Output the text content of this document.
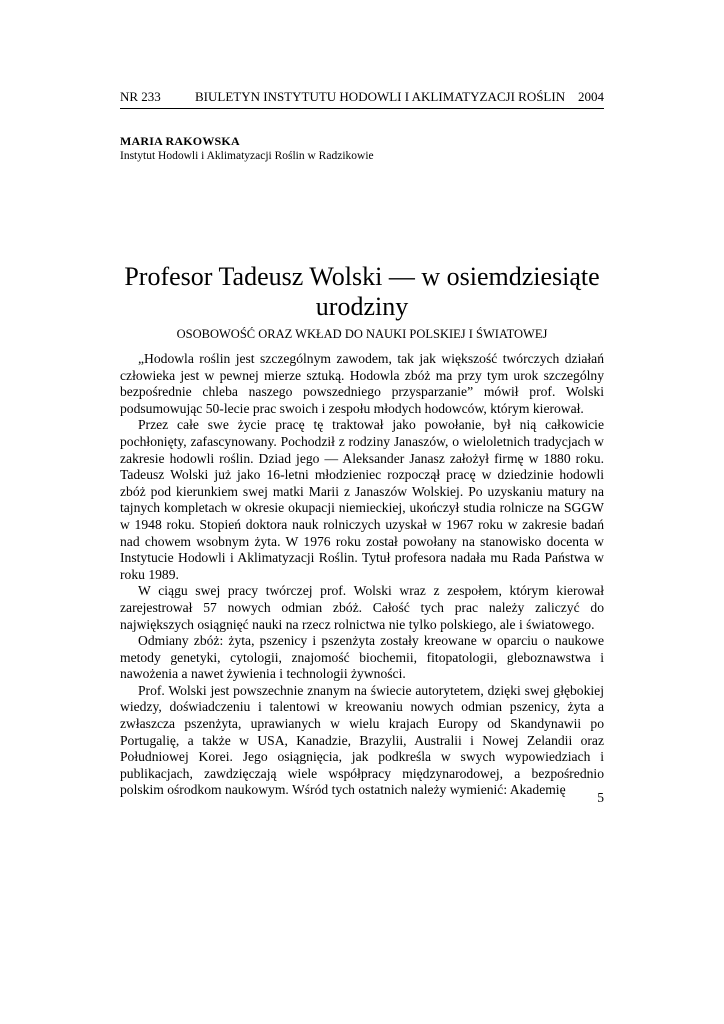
NR 233	BIULETYN INSTYTUTU HODOWLI I AKLIMATYZACJI ROŚLIN 2004
MARIA RAKOWSKA
Instytut Hodowli i Aklimatyzacji Roślin w Radzikowie
Profesor Tadeusz Wolski — w osiemdziesiąte urodziny
OSOBOWOŚĆ ORAZ WKŁAD DO NAUKI POLSKIEJ I ŚWIATOWEJ

„Hodowla roślin jest szczególnym zawodem, tak jak większość twórczych działań człowieka jest w pewnej mierze sztuką. Hodowla zbóż ma przy tym urok szczególny bezpośrednie chleba naszego powszedniego przysparzanie” mówił prof. Wolski podsumowując 50-lecie prac swoich i zespołu młodych hodowców, którym kierował.

Przez całe swe życie pracę tę traktował jako powołanie, był nią całkowicie pochłonięty, zafascynowany. Pochodził z rodziny Janaszów, o wieloletnich tradycjach w zakresie hodowli roślin. Dziad jego — Aleksander Janasz założył firmę w 1880 roku. Tadeusz Wolski już jako 16-letni młodzieniec rozpoczął pracę w dziedzinie hodowli zbóż pod kierunkiem swej matki Marii z Janaszów Wolskiej. Po uzyskaniu matury na tajnych kompletach w okresie okupacji niemieckiej, ukończył studia rolnicze na SGGW w 1948 roku. Stopień doktora nauk rolniczych uzyskał w 1967 roku w zakresie badań nad chowem wsobnym żyta. W 1976 roku został powołany na stanowisko docenta w Instytucie Hodowli i Aklimatyzacji Roślin. Tytuł profesora nadała mu Rada Państwa w roku 1989.

W ciągu swej pracy twórczej prof. Wolski wraz z zespołem, którym kierował zarejestrował 57 nowych odmian zbóż. Całość tych prac należy zaliczyć do największych osiągnięć nauki na rzecz rolnictwa nie tylko polskiego, ale i światowego.

Odmiany zbóż: żyta, pszenicy i pszenżyta zostały kreowane w oparciu o naukowe metody genetyki, cytologii, znajomość biochemii, fitopatologii, gleboznawstwa i nawożenia a nawet żywienia i technologii żywności.

Prof. Wolski jest powszechnie znanym na świecie autorytetem, dzięki swej głębokiej wiedzy, doświadczeniu i talentowi w kreowaniu nowych odmian pszenicy, żyta a zwłaszcza pszenżyta, uprawianych w wielu krajach Europy od Skandynawii po Portugalię, a także w USA, Kanadzie, Brazylii, Australii i Nowej Zelandii oraz Południowej Korei. Jego osiągnięcia, jak podkreśla w swych wypowiedziach i publikacjach, zawdzięczają wiele współpracy międzynarodowej, a bezpośrednio polskim ośrodkom naukowym. Wśród tych ostatnich należy wymienić: Akademię

5
